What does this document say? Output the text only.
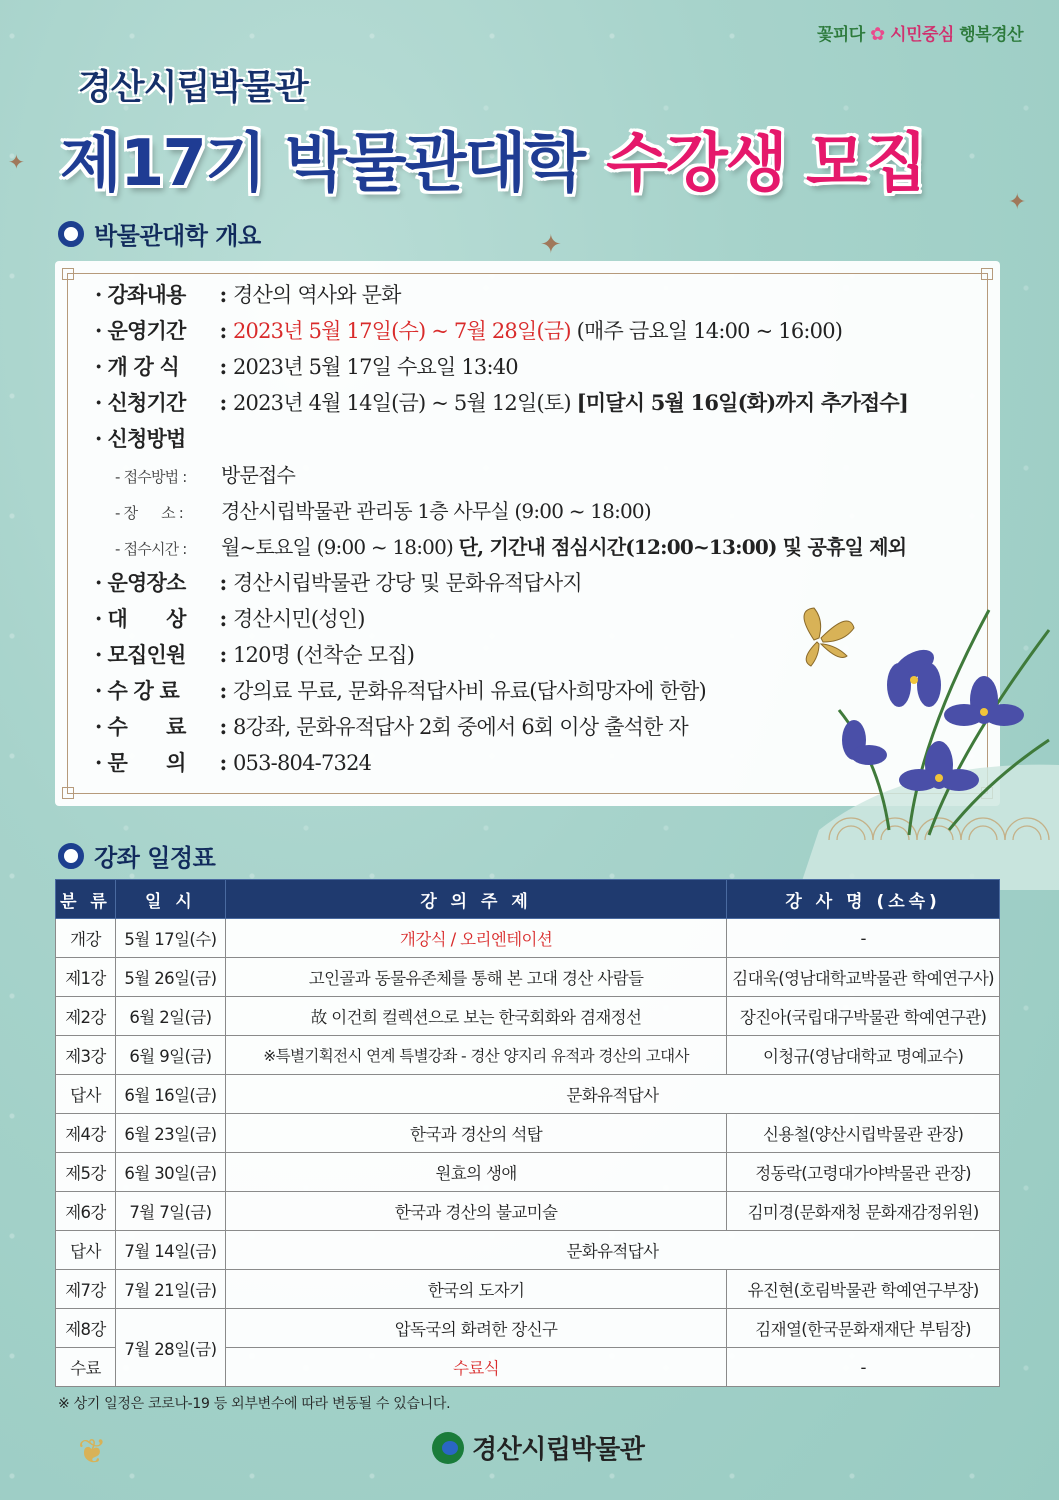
꽃피다 ✿ 시민중심 행복경산
경산시립박물관
제17기 박물관대학 수강생 모집
✦
✦
✦
박물관대학 개요
· 강좌내용 : 경산의 역사와 문화
· 운영기간 : 2023년 5월 17일(수) ~ 7월 28일(금) (매주 금요일 14:00 ~ 16:00)
· 개 강 식 : 2023년 5월 17일 수요일 13:40
· 신청기간 : 2023년 4월 14일(금) ~ 5월 12일(토) [미달시 5월 16일(화)까지 추가접수]
· 신청방법
- 접수방법 : 방문접수
- 장      소 : 경산시립박물관 관리동 1층 사무실 (9:00 ~ 18:00)
- 접수시간 : 월~토요일 (9:00 ~ 18:00) 단, 기간내 점심시간(12:00~13:00) 및 공휴일 제외
· 운영장소 : 경산시립박물관 강당 및 문화유적답사지
· 대      상 : 경산시민(성인)
· 모집인원 : 120명 (선착순 모집)
· 수 강 료 : 강의료 무료, 문화유적답사비 유료(답사희망자에 한함)
· 수      료 : 8강좌, 문화유적답사 2회 중에서 6회 이상 출석한 자
· 문      의 : 053-804-7324
강좌 일정표
분 류	일 시	강 의 주 제	강 사 명 (소속)
개강	5월 17일(수)	개강식 / 오리엔테이션	-
제1강	5월 26일(금)	고인골과 동물유존체를 통해 본 고대 경산 사람들	김대욱(영남대학교박물관 학예연구사)
제2강	6월 2일(금)	故 이건희 컬렉션으로 보는 한국회화와 겸재정선	장진아(국립대구박물관 학예연구관)
제3강	6월 9일(금)	※특별기획전시 연계 특별강좌 - 경산 양지리 유적과 경산의 고대사	이청규(영남대학교 명예교수)
답사	6월 16일(금)	문화유적답사	
제4강	6월 23일(금)	한국과 경산의 석탑	신용철(양산시립박물관 관장)
제5강	6월 30일(금)	원효의 생애	정동락(고령대가야박물관 관장)
제6강	7월 7일(금)	한국과 경산의 불교미술	김미경(문화재청 문화재감정위원)
답사	7월 14일(금)	문화유적답사	
제7강	7월 21일(금)	한국의 도자기	유진현(호림박물관 학예연구부장)
제8강	7월 28일(금)	압독국의 화려한 장신구	김재열(한국문화재재단 부팀장)
수료		수료식	-
※ 상기 일정은 코로나-19 등 외부변수에 따라 변동될 수 있습니다.
❦	경산시립박물관
